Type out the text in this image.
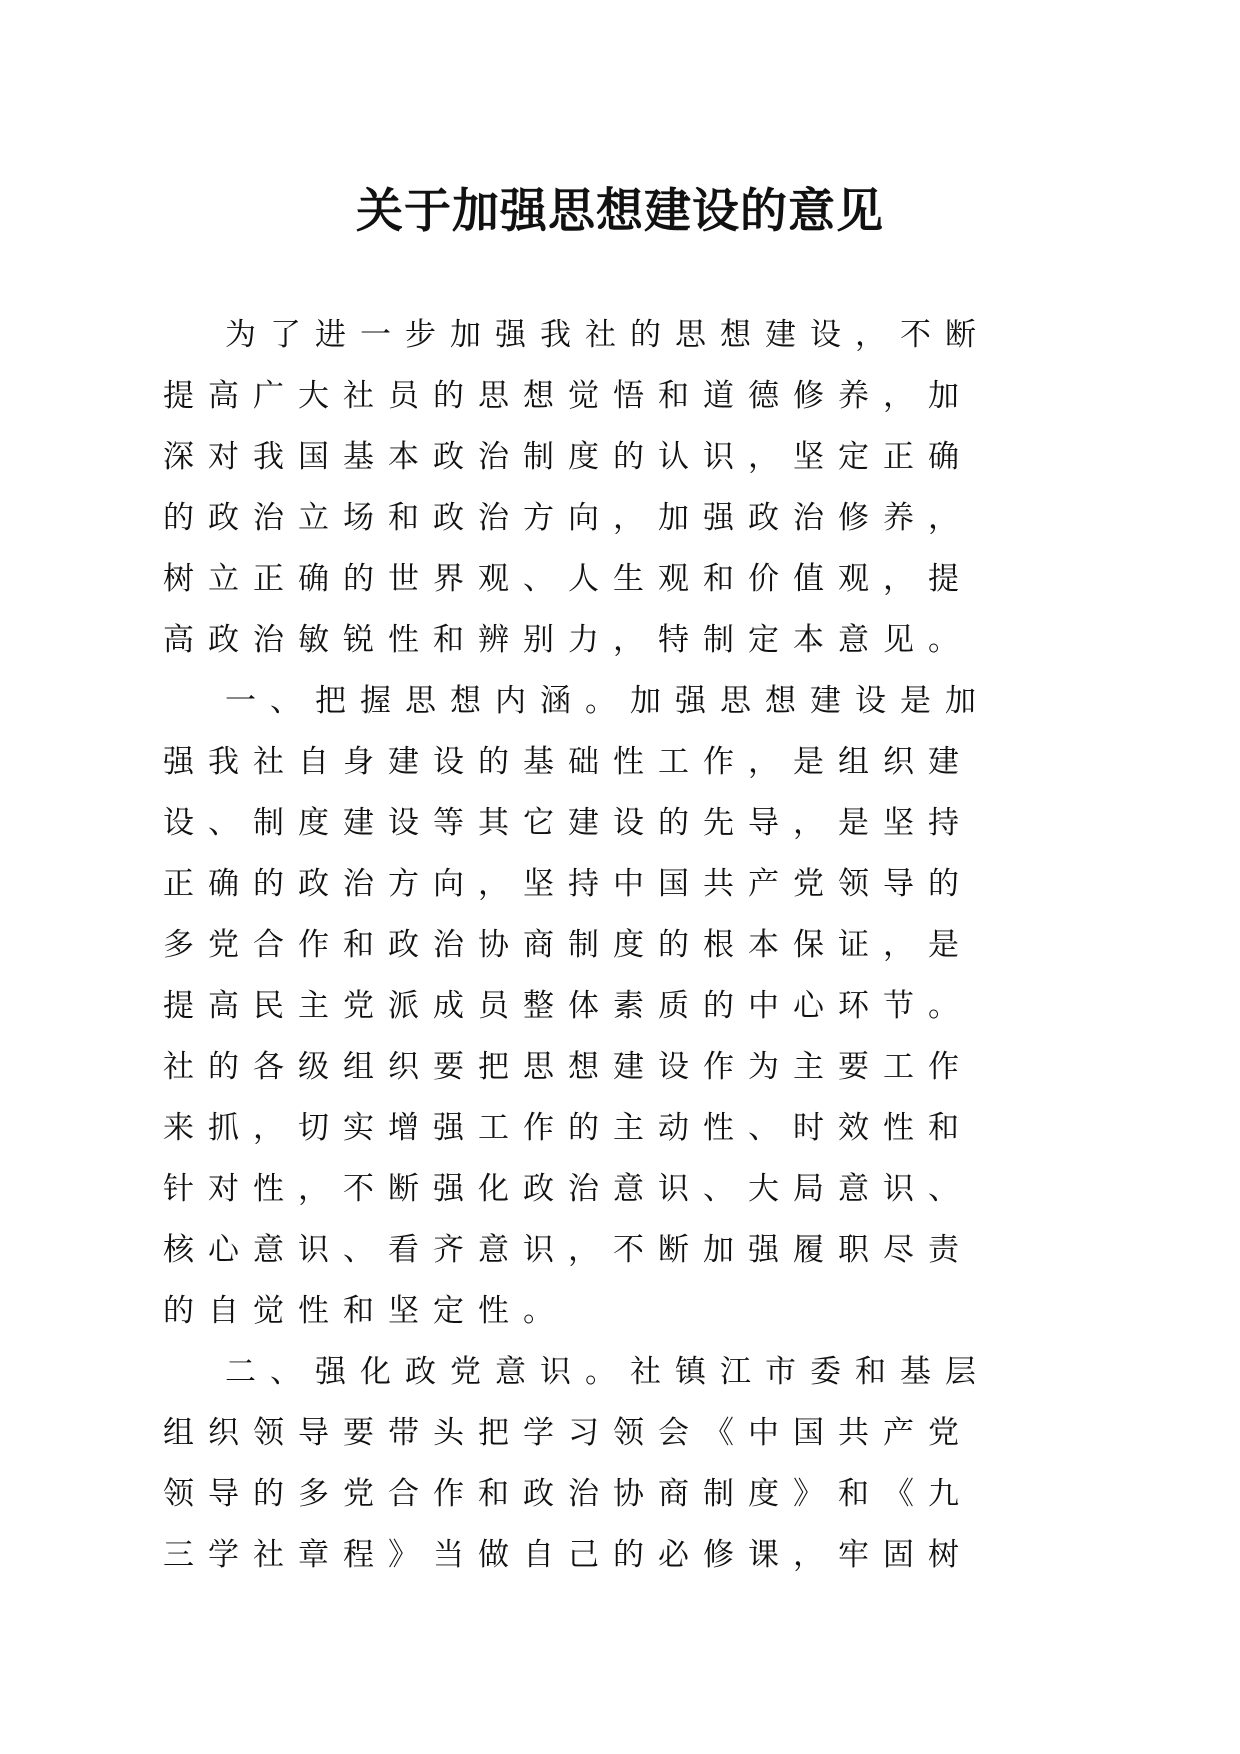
关于加强思想建设的意见
为了进一步加强我社的思想建设，不断
提高广大社员的思想觉悟和道德修养，加
深对我国基本政治制度的认识，坚定正确
的政治立场和政治方向，加强政治修养，
树立正确的世界观、人生观和价值观，提
高政治敏锐性和辨别力，特制定本意见。
一、把握思想内涵。加强思想建设是加
强我社自身建设的基础性工作，是组织建
设、制度建设等其它建设的先导，是坚持
正确的政治方向，坚持中国共产党领导的
多党合作和政治协商制度的根本保证，是
提高民主党派成员整体素质的中心环节。
社的各级组织要把思想建设作为主要工作
来抓，切实增强工作的主动性、时效性和
针对性，不断强化政治意识、大局意识、
核心意识、看齐意识，不断加强履职尽责
的自觉性和坚定性。
二、强化政党意识。社镇江市委和基层
组织领导要带头把学习领会《中国共产党
领导的多党合作和政治协商制度》和《九
三学社章程》当做自己的必修课，牢固树
